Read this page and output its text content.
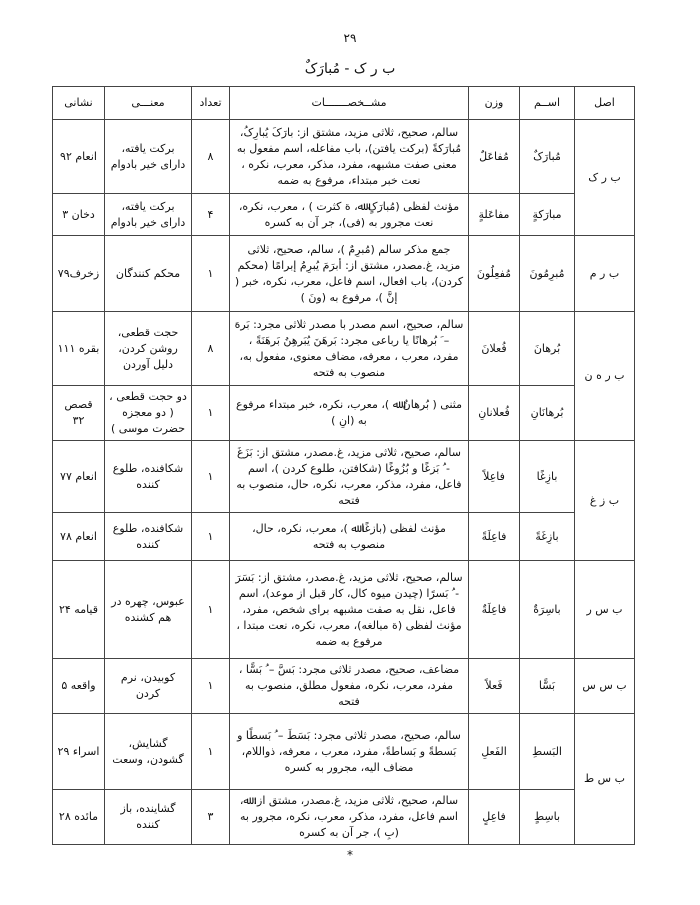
۲۹
ب ر ک - مُبارَکٌ
اصل	اســم	وزن	مشــخصـــــــات	تعداد	معنـــی	نشانی
ب ر ک	مُبارَکٌ	مُفاعَلٌ	سالم، صحیح، ثلاثی مزید، مشتق از: بارَکَ یُبارِکُ، مُبارَکةً (برکت یافتن)، باب مفاعله، اسم مفعول به معنی صفت مشبهه، مفرد، مذکر، معرب، نکره ، نعت خبر مبتداء، مرفوع به ضمه	۸	برکت یافته، دارای خیر بادوام	انعام ۹۲
	مبارَکةٍ	مفاعَلةٍ	مؤنث لفظی (مُبارَکٍ ﷲ، ة کثرت ) ، معرب، نکره، نعت مجرور به (فی)، جر آن به کسره	۴	برکت یافته، دارای خیر بادوام	دخان ۳
ب ر م	مُبرِمُونَ	مُفعِلُونَ	جمع مذکر سالم (مُبرِمٌ )، سالم، صحیح، ثلاثی مزید، غ.مصدر، مشتق از: أبرَمَ یُبرِمُ إبرامًا (محکم کردن)، باب افعال، اسم فاعل، معرب، نکره، خبر ( إنَّ )، مرفوع به (ونَ )	۱	محکم کنندگان	زخرف۷۹
ب ر ه ن	بُرهانَ	فُعلانَ	سالم، صحیح، اسم مصدر با مصدر ثلاثی مجرد: بَرهَ – َ بُرهانًا یا رباعی مجرد: بَرهَنَ یُبَرهِنُ بَرهَنَةً ، مفرد، معرب ، معرفه، مضاف معنوی، مفعول به، منصوب به فتحه	۸	حجت قطعی، روشن کردن، دلیل آوردن	بقره ۱۱۱
	بُرهانَانِ	فُعلانانِ	مثنی ( بُرهانٌ ﷲ )، معرب، نکره، خبر مبتداء مرفوع به (انِ )	۱	دو حجت قطعی ، ( دو معجزه حضرت موسی )	قصص ۳۲
ب ز غ	بازِغًا	فاعِلاً	سالم، صحیح، ثلاثی مزید، غ.مصدر، مشتق از: بَزَغَ - ُ بَزغًا و بُزُوغًا (شکافتن، طلوع کردن )، اسم فاعل، مفرد، مذکر، معرب، نکره، حال، منصوب به فتحه	۱	شکافنده، طلوع کننده	انعام ۷۷
	بازِغَةً	فاعِلَةً	مؤنث لفظی (بازغًا ﷲ )، معرب، نکره، حال، منصوب به فتحه	۱	شکافنده، طلوع کننده	انعام ۷۸
ب س ر	باسِرَةٌ	فاعِلَةٌ	سالم، صحیح، ثلاثی مزید، غ.مصدر، مشتق از: بَسَرَ - ُ بَسرًا (چیدن میوه کال، کار قبل از موعد)، اسم فاعل، نقل به صفت مشبهه برای شخص، مفرد، مؤنث لفظی (ة مبالغه)، معرب، نکره، نعت مبتدا ، مرفوع به ضمه	۱	عبوس، چهره در هم کشنده	قیامه ۲۴
ب س س	بَسًّا	فَعلاً	مضاعف، صحیح، مصدر ثلاثی مجرد: بَسَّ – ُ بَسًّا ، مفرد، معرب، نکره، مفعول مطلق، منصوب به فتحه	۱	کوبیدن، نرم کردن	واقعه ۵
ب س ط	البَسطِ	الفَعلِ	سالم، صحیح، مصدر ثلاثی مجرد: بَسَطَ – ُ بَسطًا و بَسطةً و بَساطةً، مفرد، معرب ، معرفه، ذواللام، مضاف الیه، مجرور به کسره	۱	گشایش، گشودن، وسعت	اسراء ۲۹
	باسِطٍ	فاعِلٍ	سالم، صحیح، ثلاثی مزید، غ.مصدر، مشتق از: ﷲ، اسم فاعل، مفرد، مذکر، معرب، نکره، مجرور به (بِ )، جر آن به کسره	۳	گشاینده، باز کننده	مائده ۲۸
*
